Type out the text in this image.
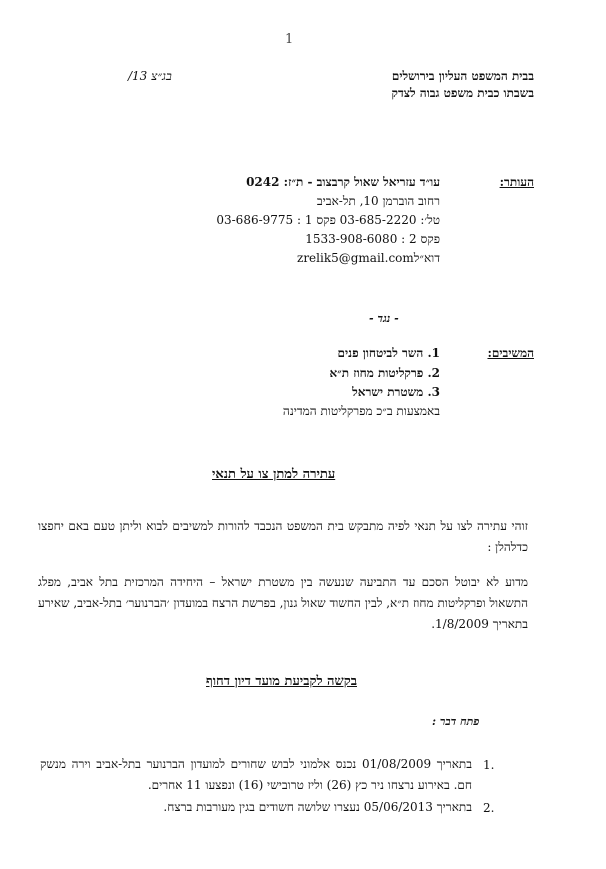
1
בבית המשפט העליון בירושלים
בשבתו כבית משפט גבוה לצדק
בג״צ 13/
העותר:
עו״ד עזריאל שאול קרבצוב - ת״ז: 0242
רחוב הוברמן 10, תל-אביב
טל׳: 03-685-2220 פקס 1 : 03-686-9775
פקס 2 : 1533-908-6080
zrelik5@gmail.comדוא״ל
- נגד -
המשיבים:
1. השר לביטחון פנים
2. פרקליטות מחוז ת״א
3. משטרת ישראל
באמצעות ב״כ מפרקליטות המדינה
עתירה למתן צו על תנאי
זוהי עתירה לצו על תנאי לפיה מתבקש בית המשפט הנכבד להורות למשיבים לבוא וליתן טעם באם יחפצו כדלהלן :
מדוע לא יבוטל הסכם עד התביעה שנעשה בין משטרת ישראל – היחידה המרכזית בתל אביב, מפלג התשאול ופרקליטות מחוז ת״א, לבין החשוד שאול גנון, בפרשת הרצח במועדון ׳הברנוער׳ בתל-אביב, שאירע בתאריך 1/8/2009.
בקשה לקביעת מועד דיון דחוף
פתח דבר :
1.
בתאריך 01/08/2009 נכנס אלמוני לבוש שחורים למועדון הברנוער בתל-אביב וירה מנשק חם. באירוע נרצחו ניר כץ (26) וליז טרובישי (16) ונפצעו 11 אחרים.
2.
בתאריך 05/06/2013 נעצרו שלושה חשודים בגין מעורבות ברצח.
